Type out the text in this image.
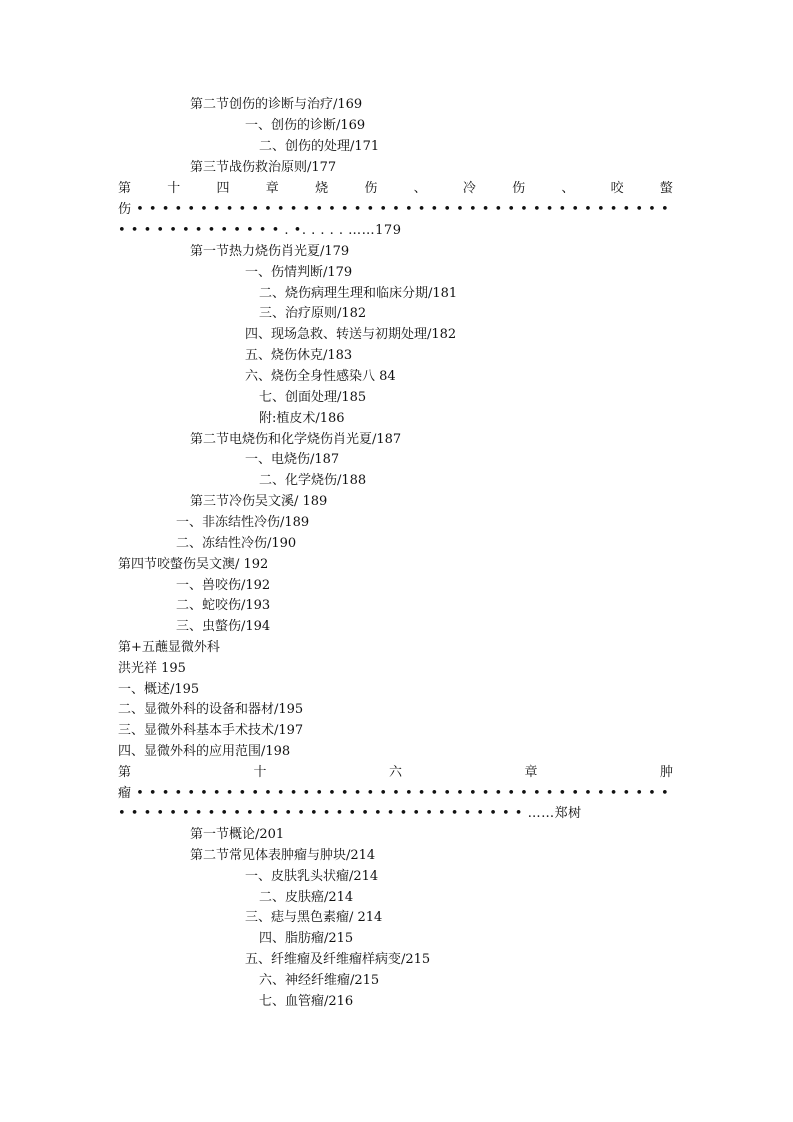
第二节创伤的诊断与治疗/169
一、创伤的诊断/169
二、创伤的处理/171
第三节战伤救治原则/177
第	十	四	章	烧	伤	、	冷	伤	、	咬	螫
伤 • • • • • • • • • • • • • • • • • • • • • • • • • • • • • • • • • • • • • • • • • •
• • • • • • • • • • • • • . •. . . . . ……179
第一节热力烧伤肖光夏/179
一、伤情判断/179
二、烧伤病理生理和临床分期/181
三、治疗原则/182
四、现场急救、转送与初期处理/182
五、烧伤休克/183
六、烧伤全身性感染八 84
七、创面处理/185
附:植皮术/186
第二节电烧伤和化学烧伤肖光夏/187
一、电烧伤/187
二、化学烧伤/188
第三节冷伤吴文溪/ 189
一、非冻结性冷伤/189
二、冻结性冷伤/190
第四节咬螫伤吴文澳/ 192
一、兽咬伤/192
二、蛇咬伤/193
三、虫螫伤/194
第+五蘸显微外科
洪光祥 195
一、概述/195
二、显微外科的设备和器材/195
三、显微外科基本手术技术/197
四、显微外科的应用范围/198
第	十	六	章	肿
瘤 • • • • • • • • • • • • • • • • • • • • • • • • • • • • • • • • • • • • • • • • • •
• • • • • • • • • • • • • • • • • • • • • • • • • • • • • • • • ……郑树
第一节概论/201
第二节常见体表肿瘤与肿块/214
一、皮肤乳头状瘤/214
二、皮肤癌/214
三、痣与黑色素瘤/ 214
四、脂肪瘤/215
五、纤维瘤及纤维瘤样病变/215
六、神经纤维瘤/215
七、血管瘤/216
